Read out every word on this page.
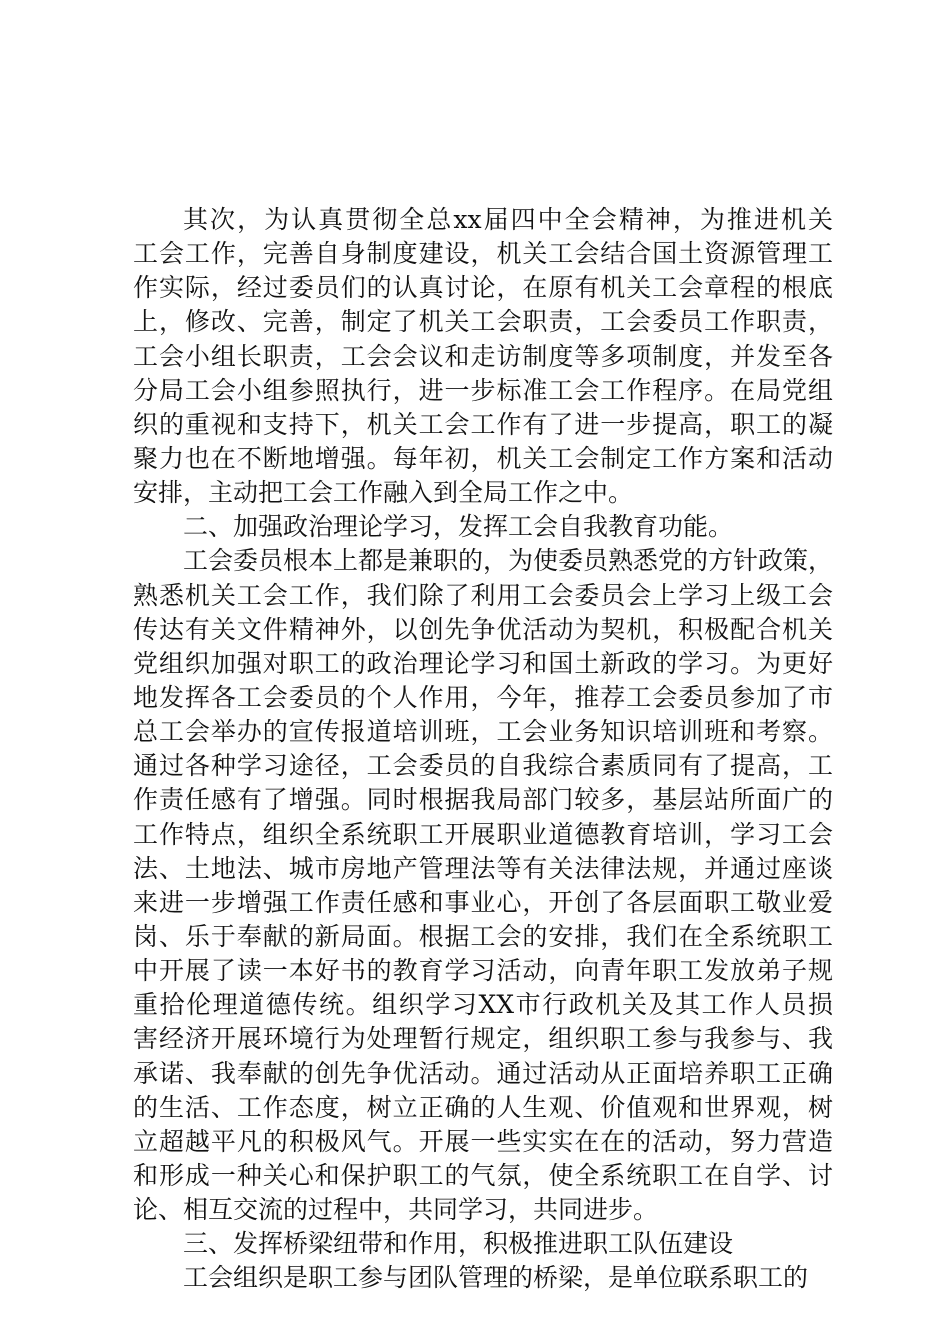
其次，为认真贯彻全总xx届四中全会精神，为推进机关
工会工作，完善自身制度建设，机关工会结合国土资源管理工
作实际，经过委员们的认真讨论，在原有机关工会章程的根底
上，修改、完善，制定了机关工会职责，工会委员工作职责，
工会小组长职责，工会会议和走访制度等多项制度，并发至各
分局工会小组参照执行，进一步标准工会工作程序。在局党组
织的重视和支持下，机关工会工作有了进一步提高，职工的凝
聚力也在不断地增强。每年初，机关工会制定工作方案和活动
安排，主动把工会工作融入到全局工作之中。
二、加强政治理论学习，发挥工会自我教育功能。
工会委员根本上都是兼职的，为使委员熟悉党的方针政策，
熟悉机关工会工作，我们除了利用工会委员会上学习上级工会
传达有关文件精神外，以创先争优活动为契机，积极配合机关
党组织加强对职工的政治理论学习和国土新政的学习。为更好
地发挥各工会委员的个人作用，今年，推荐工会委员参加了市
总工会举办的宣传报道培训班，工会业务知识培训班和考察。
通过各种学习途径，工会委员的自我综合素质同有了提高，工
作责任感有了增强。同时根据我局部门较多，基层站所面广的
工作特点，组织全系统职工开展职业道德教育培训，学习工会
法、土地法、城市房地产管理法等有关法律法规，并通过座谈
来进一步增强工作责任感和事业心，开创了各层面职工敬业爱
岗、乐于奉献的新局面。根据工会的安排，我们在全系统职工
中开展了读一本好书的教育学习活动，向青年职工发放弟子规
重拾伦理道德传统。组织学习XX市行政机关及其工作人员损
害经济开展环境行为处理暂行规定，组织职工参与我参与、我
承诺、我奉献的创先争优活动。通过活动从正面培养职工正确
的生活、工作态度，树立正确的人生观、价值观和世界观，树
立超越平凡的积极风气。开展一些实实在在的活动，努力营造
和形成一种关心和保护职工的气氛，使全系统职工在自学、讨
论、相互交流的过程中，共同学习，共同进步。
三、发挥桥梁纽带和作用，积极推进职工队伍建设
工会组织是职工参与团队管理的桥梁，是单位联系职工的
